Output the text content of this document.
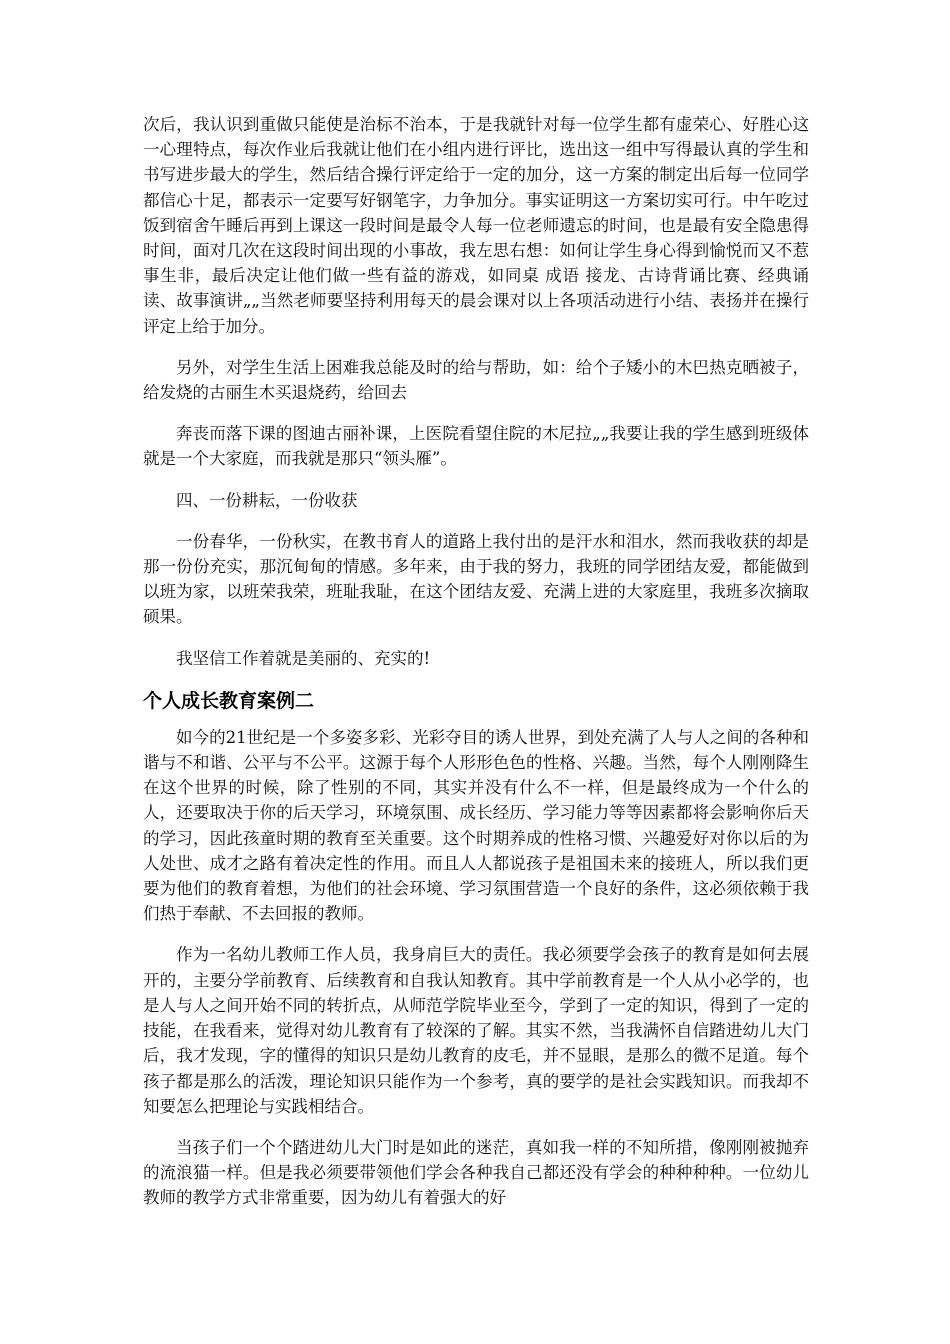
次后，我认识到重做只能使是治标不治本，于是我就针对每一位学生都有虚荣心、好胜心这一心理特点，每次作业后我就让他们在小组内进行评比，选出这一组中写得最认真的学生和书写进步最大的学生，然后结合操行评定给于一定的加分，这一方案的制定出后每一位同学都信心十足，都表示一定要写好钢笔字，力争加分。事实证明这一方案切实可行。中午吃过饭到宿舍午睡后再到上课这一段时间是最令人每一位老师遗忘的时间，也是最有安全隐患得时间，面对几次在这段时间出现的小事故，我左思右想：如何让学生身心得到愉悦而又不惹事生非，最后决定让他们做一些有益的游戏，如同桌 成语 接龙、古诗背诵比赛、经典诵读、故事演讲„„当然老师要坚持利用每天的晨会课对以上各项活动进行小结、表扬并在操行评定上给于加分。

另外，对学生生活上困难我总能及时的给与帮助，如：给个子矮小的木巴热克晒被子，给发烧的古丽生木买退烧药，给回去

奔丧而落下课的图迪古丽补课，上医院看望住院的木尼拉„„我要让我的学生感到班级体就是一个大家庭，而我就是那只“领头雁”。

四、一份耕耘，一份收获

一份春华，一份秋实，在教书育人的道路上我付出的是汗水和泪水，然而我收获的却是那一份份充实，那沉甸甸的情感。多年来，由于我的努力，我班的同学团结友爱，都能做到以班为家，以班荣我荣，班耻我耻，在这个团结友爱、充满上进的大家庭里，我班多次摘取硕果。

我坚信工作着就是美丽的、充实的!

个人成长教育案例二

如今的21世纪是一个多姿多彩、光彩夺目的诱人世界，到处充满了人与人之间的各种和谐与不和谐、公平与不公平。这源于每个人形形色色的性格、兴趣。当然，每个人刚刚降生在这个世界的时候，除了性别的不同，其实并没有什么不一样，但是最终成为一个什么的人，还要取决于你的后天学习，环境氛围、成长经历、学习能力等等因素都将会影响你后天的学习，因此孩童时期的教育至关重要。这个时期养成的性格习惯、兴趣爱好对你以后的为人处世、成才之路有着决定性的作用。而且人人都说孩子是祖国未来的接班人，所以我们更要为他们的教育着想，为他们的社会环境、学习氛围营造一个良好的条件，这必须依赖于我们热于奉献、不去回报的教师。

作为一名幼儿教师工作人员，我身肩巨大的责任。我必须要学会孩子的教育是如何去展开的，主要分学前教育、后续教育和自我认知教育。其中学前教育是一个人从小必学的，也是人与人之间开始不同的转折点，从师范学院毕业至今，学到了一定的知识，得到了一定的技能，在我看来，觉得对幼儿教育有了较深的了解。其实不然，当我满怀自信踏进幼儿大门后，我才发现，字的懂得的知识只是幼儿教育的皮毛，并不显眼，是那么的微不足道。每个孩子都是那么的活泼，理论知识只能作为一个参考，真的要学的是社会实践知识。而我却不知要怎么把理论与实践相结合。

当孩子们一个个踏进幼儿大门时是如此的迷茫，真如我一样的不知所措，像刚刚被抛弃的流浪猫一样。但是我必须要带领他们学会各种我自己都还没有学会的种种种种。一位幼儿教师的教学方式非常重要，因为幼儿有着强大的好
